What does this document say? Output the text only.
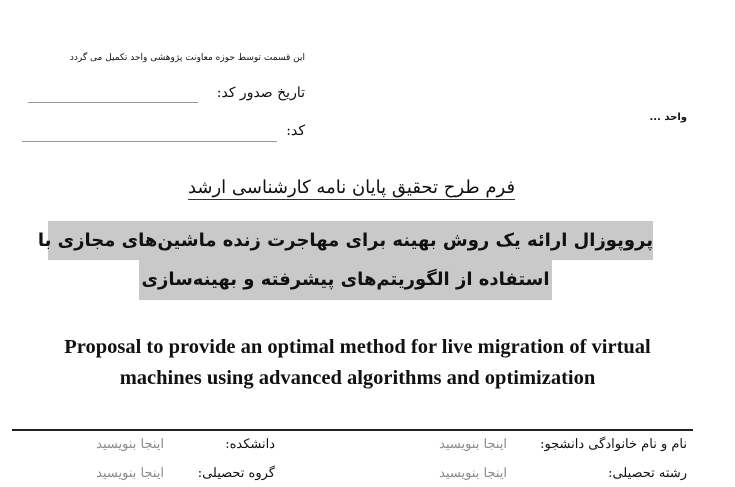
این قسمت توسط حوزه معاونت پژوهشی واحد تکمیل می گردد
تاریخ صدور کد:
کد:
واحد ...
فرم طرح تحقیق پایان نامه کارشناسی ارشد
پروپوزال ارائه یک روش بهینه برای مهاجرت زنده ماشین‌های مجازی با
استفاده از الگوریتم‌های پیشرفته و بهینه‌سازی
Proposal to provide an optimal method for live migration of virtual
machines using advanced algorithms and optimization
نام و نام خانوادگی دانشجو:
اینجا بنویسید
دانشکده:
اینجا بنویسید
رشته تحصیلی:
اینجا بنویسید
گروه تحصیلی:
اینجا بنویسید
